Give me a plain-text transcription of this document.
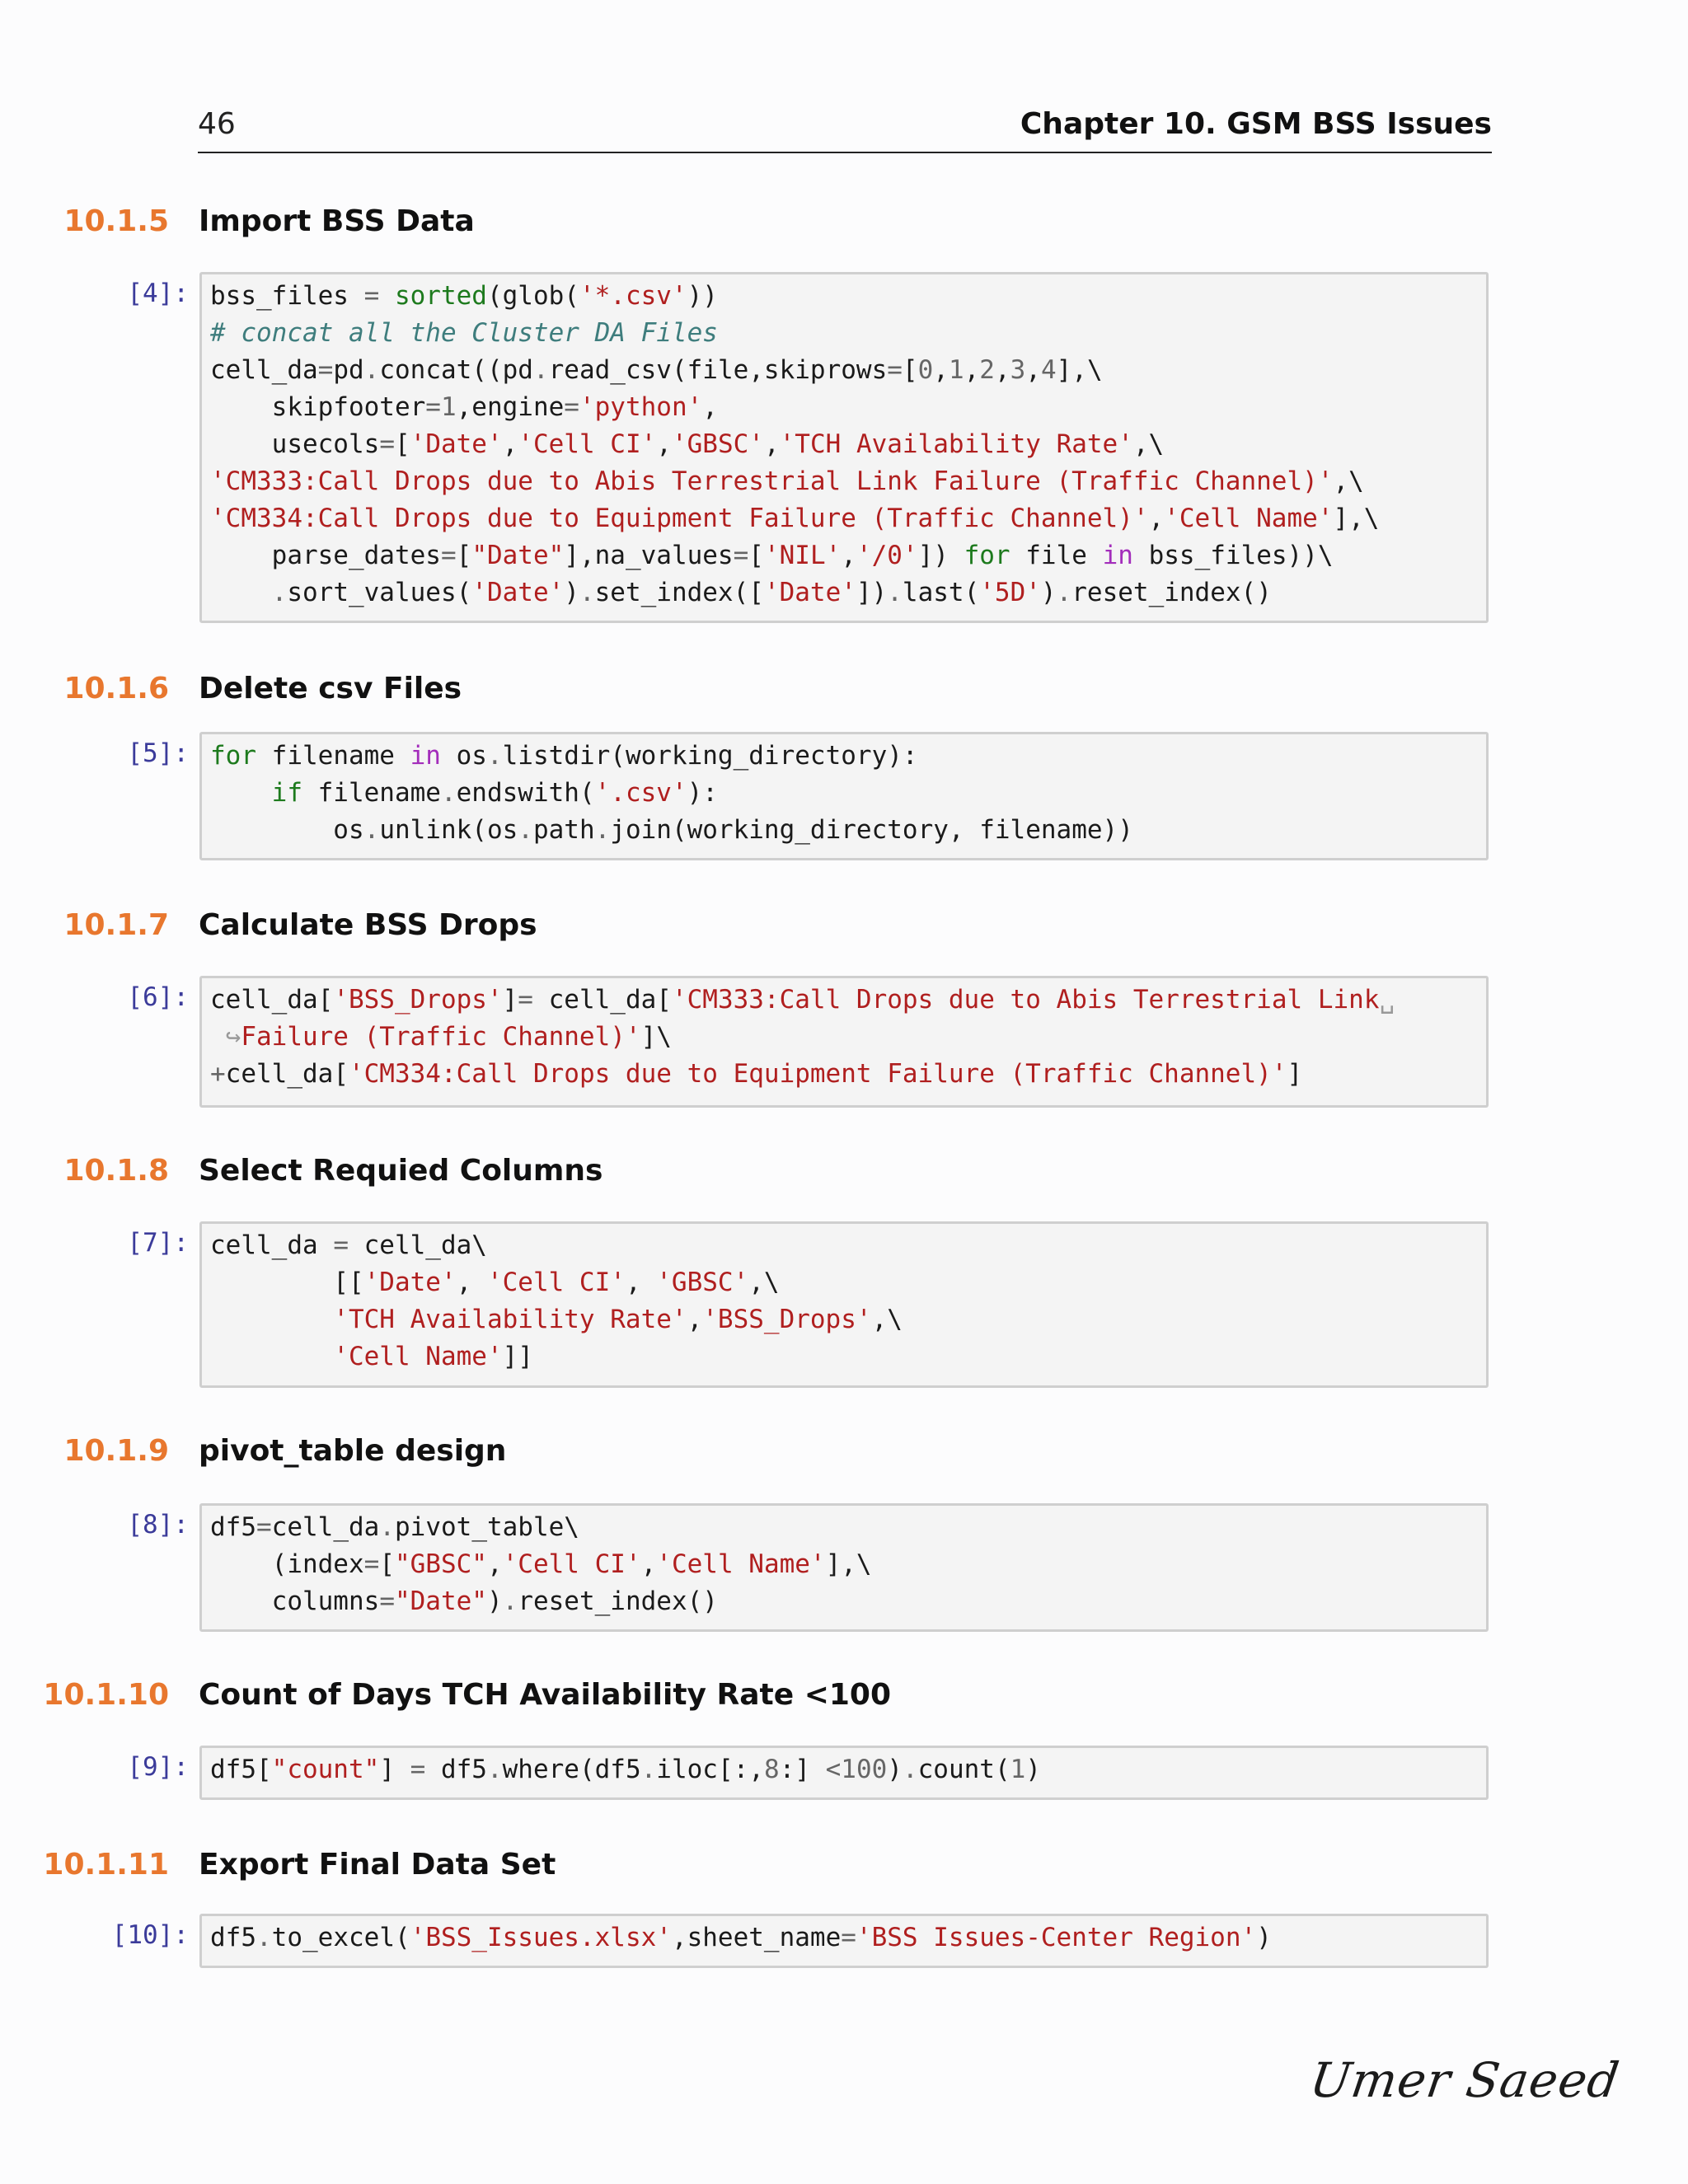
46	Chapter 10. GSM BSS Issues
10.1.5 Import BSS Data
[4]: bss_files = sorted(glob('*.csv'))
# concat all the Cluster DA Files
cell_da=pd.concat((pd.read_csv(file,skiprows=[0,1,2,3,4],\
skipfooter=1,engine='python',
usecols=['Date','Cell CI','GBSC','TCH Availability Rate',\
'CM333:Call Drops due to Abis Terrestrial Link Failure (Traffic Channel)',\
'CM334:Call Drops due to Equipment Failure (Traffic Channel)','Cell Name'],\
parse_dates=["Date"],na_values=['NIL','/0']) for file in bss_files))\
.sort_values('Date').set_index(['Date']).last('5D').reset_index()
10.1.6 Delete csv Files
[5]: for filename in os.listdir(working_directory):
if filename.endswith('.csv'):
os.unlink(os.path.join(working_directory, filename))
10.1.7 Calculate BSS Drops
[6]: cell_da['BSS_Drops']= cell_da['CM333:Call Drops due to Abis Terrestrial Link␣
↪Failure (Traffic Channel)']\
+cell_da['CM334:Call Drops due to Equipment Failure (Traffic Channel)']
10.1.8 Select Requied Columns
[7]: cell_da = cell_da\
[['Date', 'Cell CI', 'GBSC',\
'TCH Availability Rate','BSS_Drops',\
'Cell Name']]
10.1.9 pivot_table design
[8]: df5=cell_da.pivot_table\
(index=["GBSC",'Cell CI','Cell Name'],\
columns="Date").reset_index()
10.1.10 Count of Days TCH Availability Rate <100
[9]: df5["count"] = df5.where(df5.iloc[:,8:] <100).count(1)
10.1.11 Export Final Data Set
[10]: df5.to_excel('BSS_Issues.xlsx',sheet_name='BSS Issues-Center Region')
Umer Saeed
